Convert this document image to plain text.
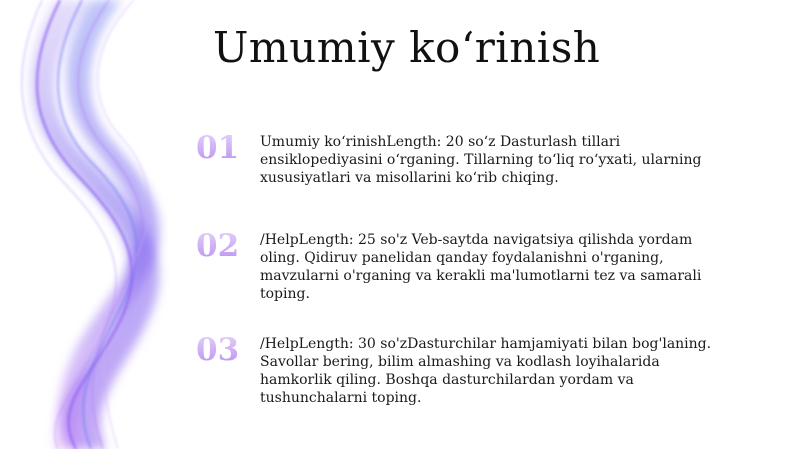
Umumiy ko‘rinish
01	Umumiy ko‘rinishLength: 20 so‘z Dasturlash tillari ensiklopediyasini o‘rganing. Tillarning to‘liq ro‘yxati, ularning xususiyatlari va misollarini ko‘rib chiqing.
02	/HelpLength: 25 so'z Veb-saytda navigatsiya qilishda yordam oling. Qidiruv panelidan qanday foydalanishni o'rganing, mavzularni o'rganing va kerakli ma'lumotlarni tez va samarali toping.
03	/HelpLength: 30 so'zDasturchilar hamjamiyati bilan bog'laning. Savollar bering, bilim almashing va kodlash loyihalarida hamkorlik qiling. Boshqa dasturchilardan yordam va tushunchalarni toping.
